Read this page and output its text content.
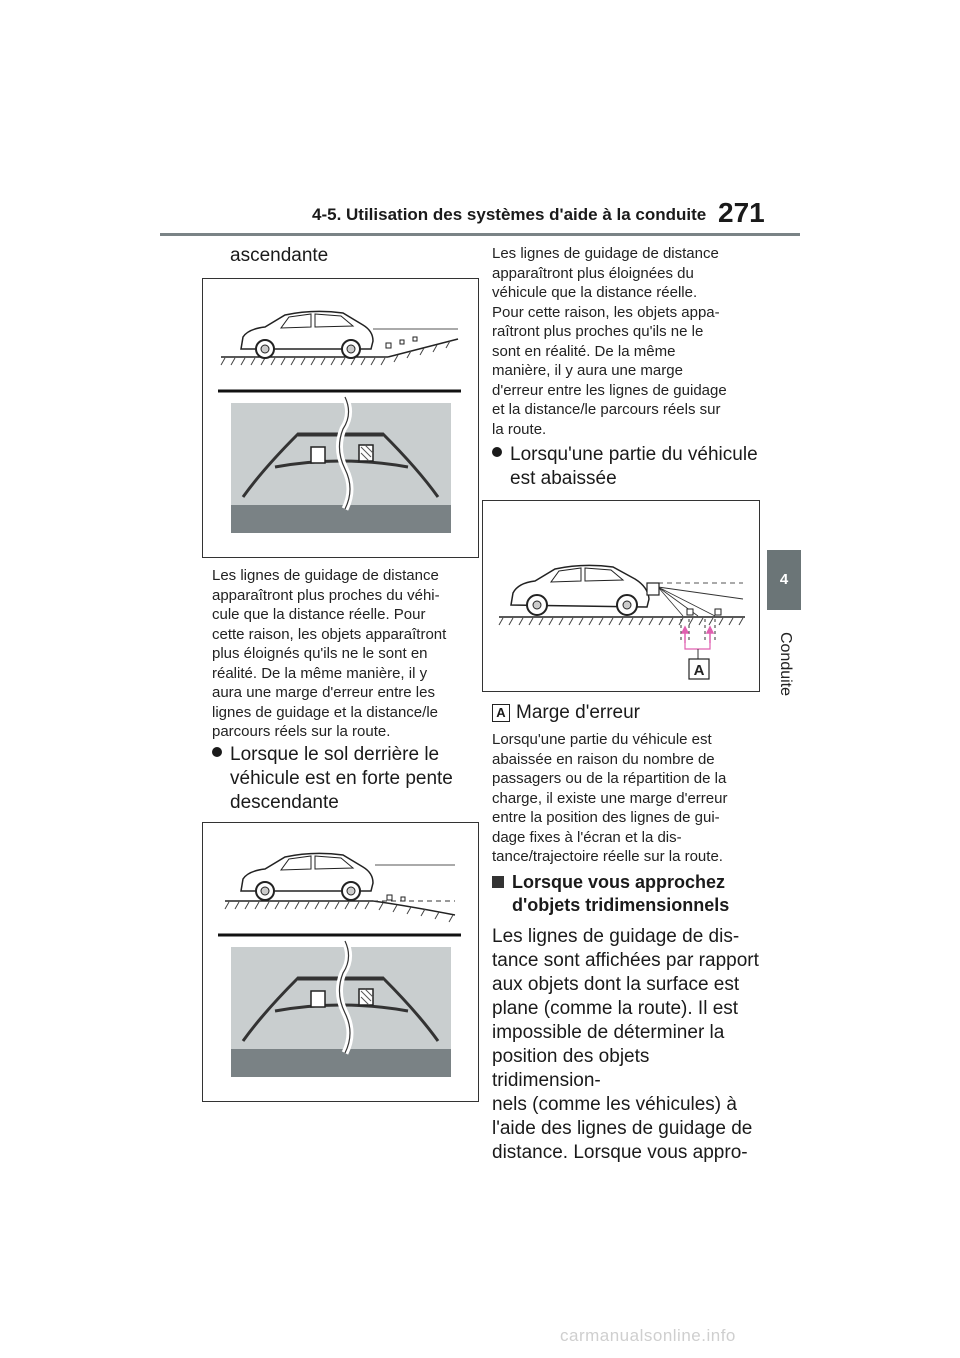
4-5. Utilisation des systèmes d'aide à la conduite 271
4
Conduite
ascendante
Les lignes de guidage de distance
apparaîtront plus proches du véhi-
cule que la distance réelle. Pour
cette raison, les objets apparaîtront
plus éloignés qu'ils ne le sont en
réalité. De la même manière, il y
aura une marge d'erreur entre les
lignes de guidage et la distance/le
parcours réels sur la route.
Lorsque le sol derrière le
véhicule est en forte pente
descendante
Les lignes de guidage de distance
apparaîtront plus éloignées du
véhicule que la distance réelle.
Pour cette raison, les objets appa-
raîtront plus proches qu'ils ne le
sont en réalité. De la même
manière, il y aura une marge
d'erreur entre les lignes de guidage
et la distance/le parcours réels sur
la route.
Lorsqu'une partie du véhicule
est abaissée
A
A Marge d'erreur
Lorsqu'une partie du véhicule est
abaissée en raison du nombre de
passagers ou de la répartition de la
charge, il existe une marge d'erreur
entre la position des lignes de gui-
dage fixes à l'écran et la dis-
tance/trajectoire réelle sur la route.
Lorsque vous approchez
d'objets tridimensionnels
Les lignes de guidage de dis-
tance sont affichées par rapport
aux objets dont la surface est
plane (comme la route). Il est
impossible de déterminer la
position des objets tridimension-
nels (comme les véhicules) à
l'aide des lignes de guidage de
distance. Lorsque vous appro-
carmanualsonline.info
